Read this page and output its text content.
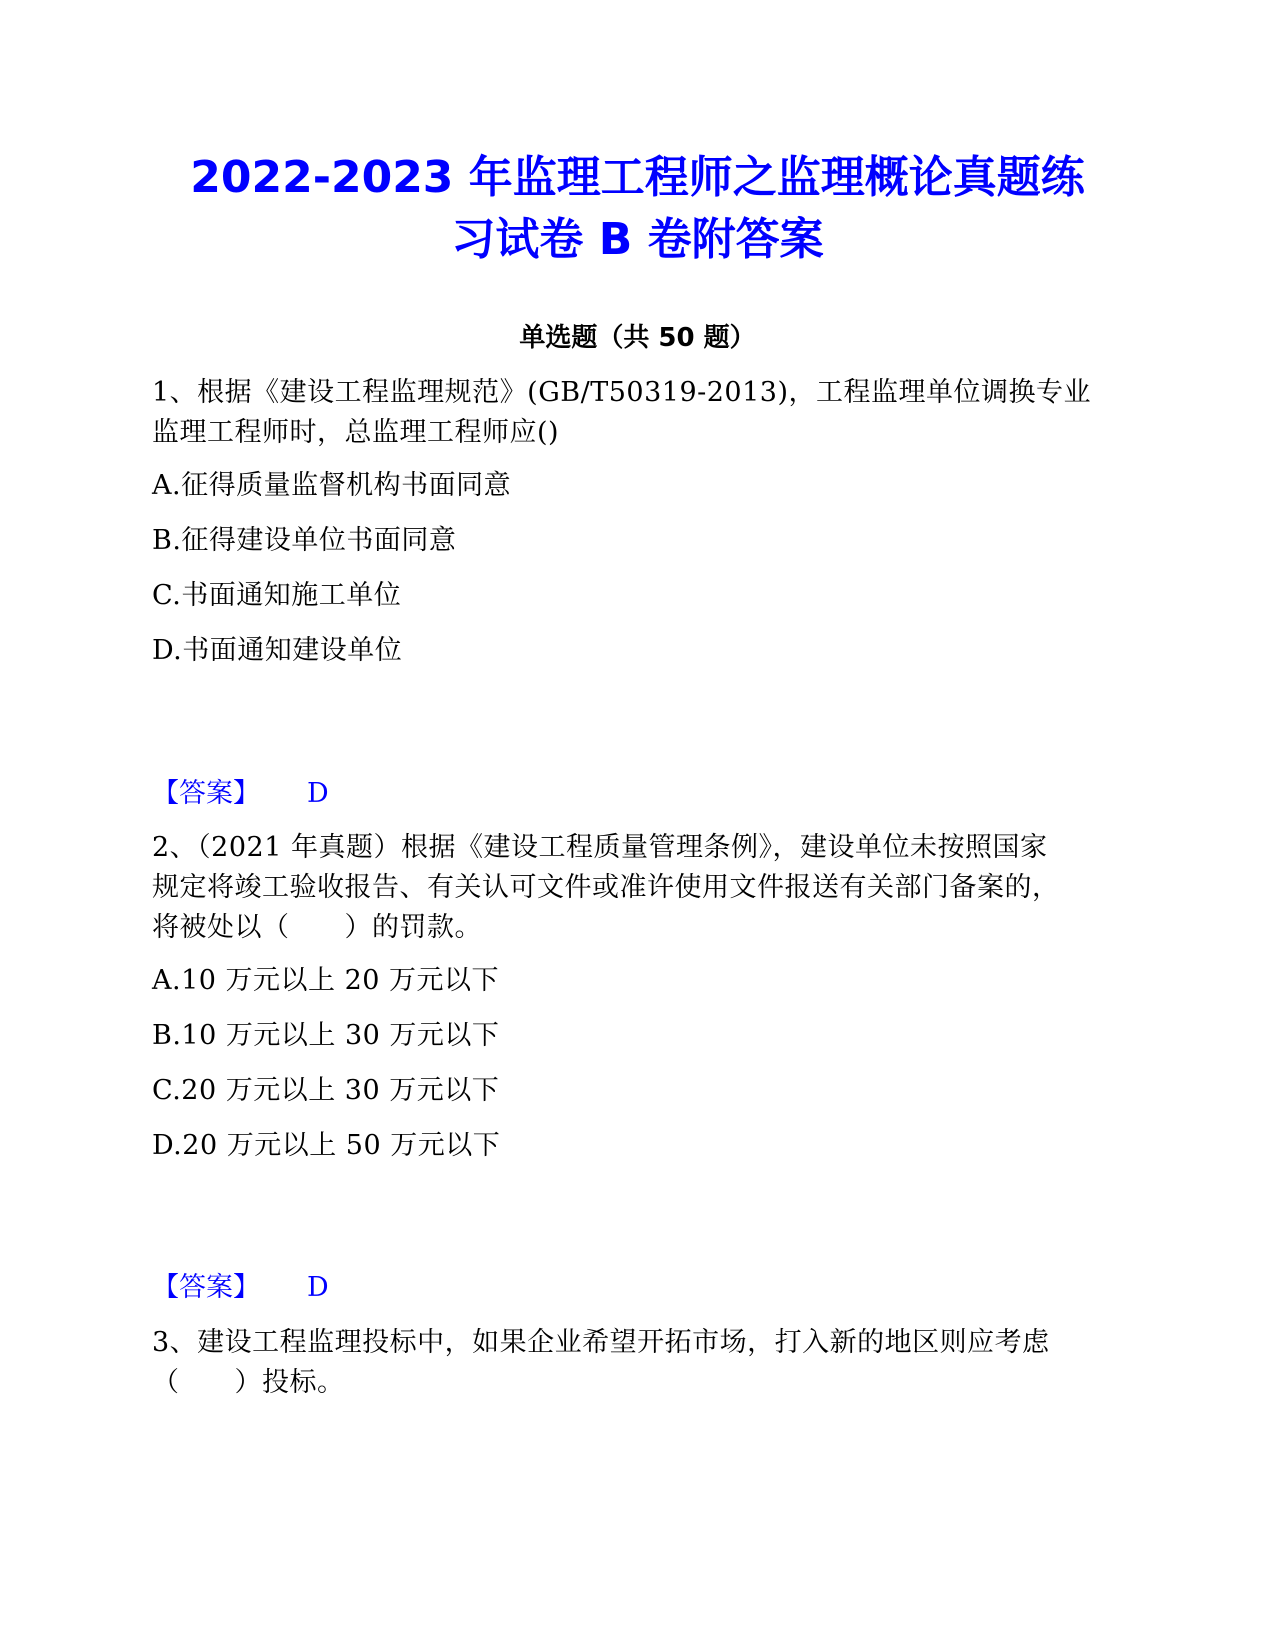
2022-2023 年监理工程师之监理概论真题练
习试卷 B 卷附答案

单选题（共 50 题）

1、根据《建设工程监理规范》(GB/T50319-2013)，工程监理单位调换专业

监理工程师时，总监理工程师应()

A.征得质量监督机构书面同意

B.征得建设单位书面同意

C.书面通知施工单位

D.书面通知建设单位

【答案】 D

2、（2021 年真题）根据《建设工程质量管理条例》，建设单位未按照国家

规定将竣工验收报告、有关认可文件或准许使用文件报送有关部门备案的，

将被处以（　　）的罚款。

A.10 万元以上 20 万元以下

B.10 万元以上 30 万元以下

C.20 万元以上 30 万元以下

D.20 万元以上 50 万元以下

【答案】 D

3、建设工程监理投标中，如果企业希望开拓市场，打入新的地区则应考虑

（　　）投标。
